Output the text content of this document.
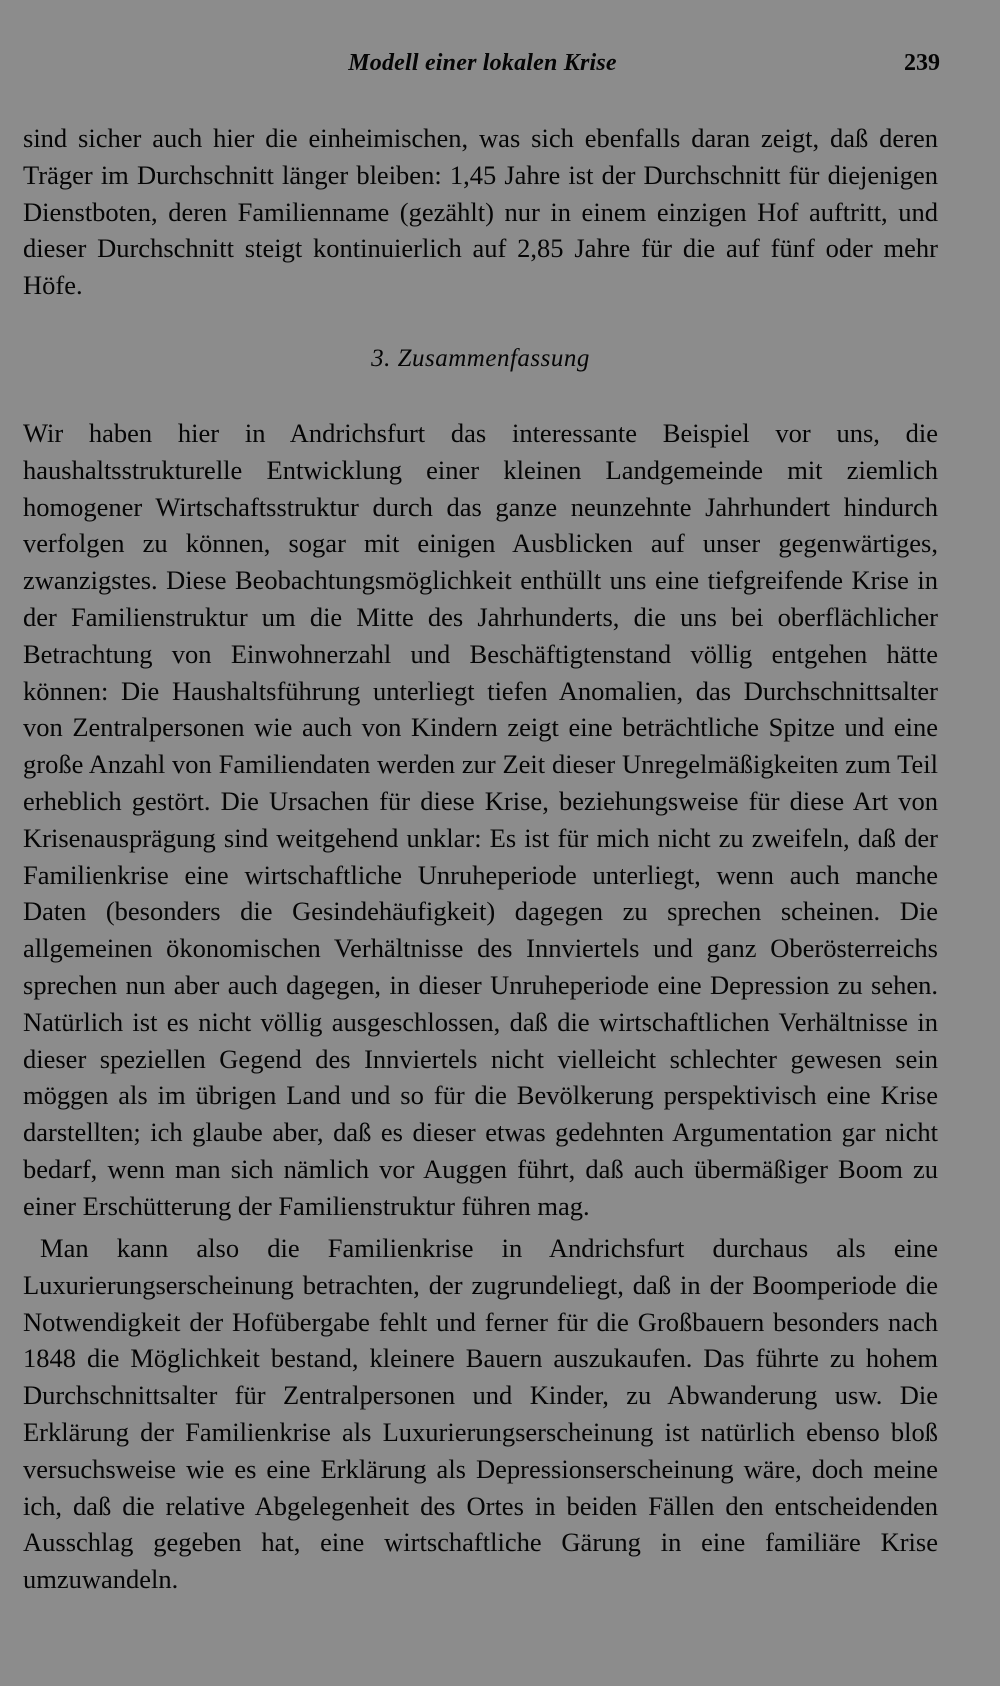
Modell einer lokalen Krise	239

sind sicher auch hier die einheimischen, was sich ebenfalls daran zeigt, daß deren Träger im Durchschnitt länger bleiben: 1,45 Jahre ist der Durchschnitt für diejenigen Dienstboten, deren Familienname (gezählt) nur in einem einzigen Hof auftritt, und dieser Durchschnitt steigt kontinuierlich auf 2,85 Jahre für die auf fünf oder mehr Höfe.

3. Zusammenfassung

Wir haben hier in Andrichsfurt das interessante Beispiel vor uns, die haushaltsstrukturelle Entwicklung einer kleinen Landgemeinde mit ziemlich homogener Wirtschaftsstruktur durch das ganze neunzehnte Jahrhundert hindurch verfolgen zu können, sogar mit einigen Ausblicken auf unser gegenwärtiges, zwanzigstes. Diese Beobachtungsmöglichkeit enthüllt uns eine tiefgreifende Krise in der Familienstruktur um die Mitte des Jahrhunderts, die uns bei oberflächlicher Betrachtung von Einwohnerzahl und Beschäftigtenstand völlig entgehen hätte können: Die Haushaltsführung unterliegt tiefen Anomalien, das Durchschnittsalter von Zentralpersonen wie auch von Kindern zeigt eine beträchtliche Spitze und eine große Anzahl von Familiendaten werden zur Zeit dieser Unregelmäßigkeiten zum Teil erheblich gestört. Die Ursachen für diese Krise, beziehungsweise für diese Art von Krisenausprägung sind weitgehend unklar: Es ist für mich nicht zu zweifeln, daß der Familienkrise eine wirtschaftliche Unruheperiode unterliegt, wenn auch manche Daten (besonders die Gesindehäufigkeit) dagegen zu sprechen scheinen. Die allgemeinen ökonomischen Verhältnisse des Innviertels und ganz Oberösterreichs sprechen nun aber auch dagegen, in dieser Unruheperiode eine Depression zu sehen. Natürlich ist es nicht völlig ausgeschlossen, daß die wirtschaftlichen Verhältnisse in dieser speziellen Gegend des Innviertels nicht vielleicht schlechter gewesen sein möggen als im übrigen Land und so für die Bevölkerung perspektivisch eine Krise darstellten; ich glaube aber, daß es dieser etwas gedehnten Argumentation gar nicht bedarf, wenn man sich nämlich vor Auggen führt, daß auch übermäßiger Boom zu einer Erschütterung der Familienstruktur führen mag.

Man kann also die Familienkrise in Andrichsfurt durchaus als eine Luxurierungserscheinung betrachten, der zugrundeliegt, daß in der Boomperiode die Notwendigkeit der Hofübergabe fehlt und ferner für die Großbauern besonders nach 1848 die Möglichkeit bestand, kleinere Bauern auszukaufen. Das führte zu hohem Durchschnittsalter für Zentralpersonen und Kinder, zu Abwanderung usw. Die Erklärung der Familienkrise als Luxurierungserscheinung ist natürlich ebenso bloß versuchsweise wie es eine Erklärung als Depressionserscheinung wäre, doch meine ich, daß die relative Abgelegenheit des Ortes in beiden Fällen den entscheidenden Ausschlag gegeben hat, eine wirtschaftliche Gärung in eine familiäre Krise umzuwandeln.
